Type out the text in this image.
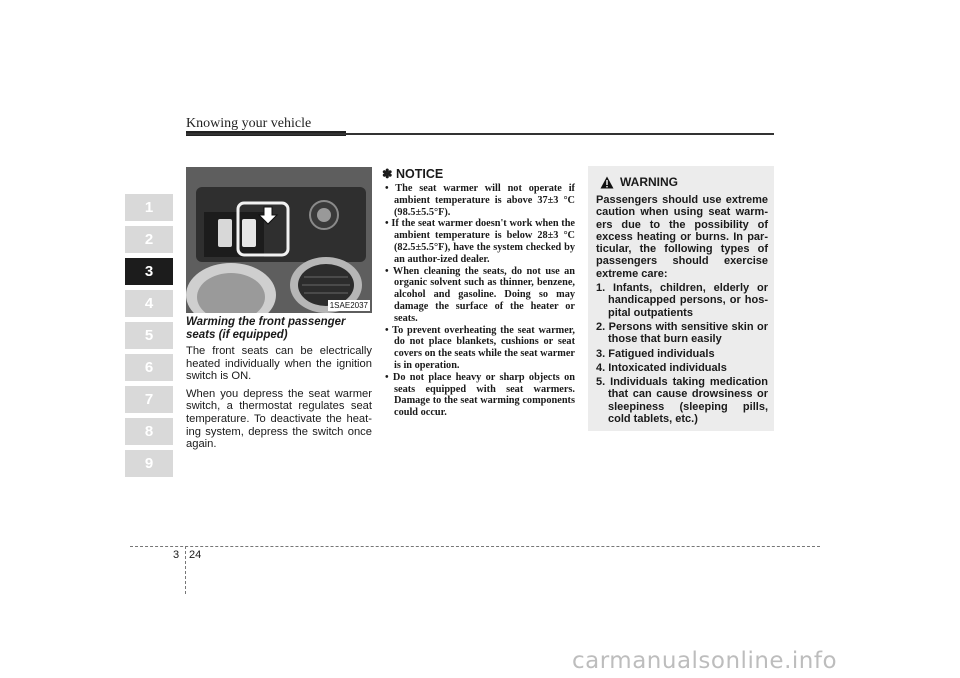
Knowing your vehicle
1
2
3
4
5
6
7
8
9
1SAE2037

Warming the front passenger seats (if equipped)

The front seats can be electrically heated individually when the ignition switch is ON.

When you depress the seat warmer switch, a thermostat regulates seat temperature. To deactivate the heat-ing system, depress the switch once again.

✽ NOTICE
• The seat warmer will not operate if ambient temperature is above 37±3 °C (98.5±5.5°F).
• If the seat warmer doesn't work when the ambient temperature is below 28±3 °C (82.5±5.5°F), have the system checked by an author-ized dealer.
• When cleaning the seats, do not use an organic solvent such as thinner, benzene, alcohol and gasoline. Doing so may damage the surface of the heater or seats.
• To prevent overheating the seat warmer, do not place blankets, cushions or seat covers on the seats while the seat warmer is in operation.
• Do not place heavy or sharp objects on seats equipped with seat warmers. Damage to the seat warming components could occur.
WARNING

Passengers should use extreme caution when using seat warm-ers due to the possibility of excess heating or burns. In par-ticular, the following types of passengers should exercise extreme care:

1. Infants, children, elderly or handicapped persons, or hos-pital outpatients
2. Persons with sensitive skin or those that burn easily
3. Fatigued individuals
4. Intoxicated individuals
5. Individuals taking medication that can cause drowsiness or sleepiness (sleeping pills, cold tablets, etc.)
3 24
carmanualsonline.info
